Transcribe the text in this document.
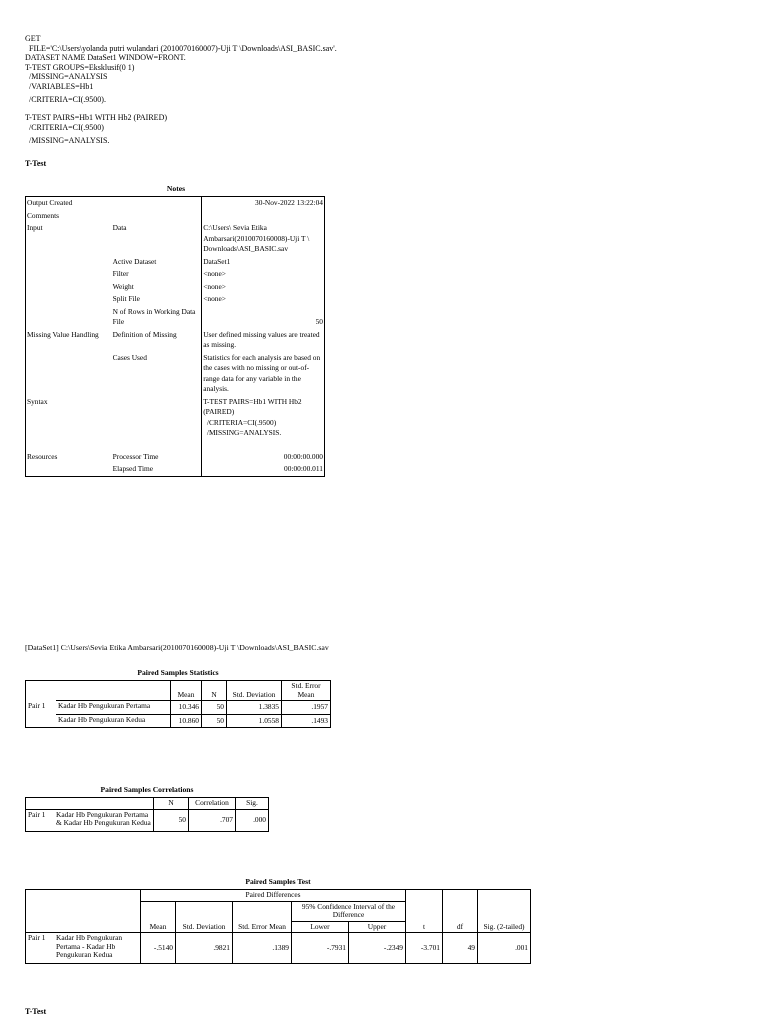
GET
FILE='C:\Users\yolanda putri wulandari (2010070160007)-Uji T \Downloads\ASI_BASIC.sav'.
DATASET NAME DataSet1 WINDOW=FRONT.
T-TEST GROUPS=Eksklusif(0 1)
/MISSING=ANALYSIS
/VARIABLES=Hb1
/CRITERIA=CI(.9500).
T-TEST PAIRS=Hb1 WITH Hb2 (PAIRED)
/CRITERIA=CI(.9500)
/MISSING=ANALYSIS.
T-Test
Notes
Output Created		30-Nov-2022 13:22:04
Comments		
Input	Data	C:\Users\ Sevia Etika Ambarsari(2010070160008)-Uji T \ Downloads\ASI_BASIC.sav
	Active Dataset	DataSet1
	Filter	<none>
	Weight	<none>
	Split File	<none>
	N of Rows in Working Data File	50
Missing Value Handling	Definition of Missing	User defined missing values are treated as missing.
	Cases Used	Statistics for each analysis are based on the cases with no missing or out-of-range data for any variable in the analysis.
Syntax		T-TEST PAIRS=Hb1 WITH Hb2 (PAIRED)
/CRITERIA=CI(.9500)
/MISSING=ANALYSIS.
Resources	Processor Time	00:00:00.000
	Elapsed Time	00:00:00.011
[DataSet1] C:\Users\Sevia Etika Ambarsari(2010070160008)-Uji T \Downloads\ASI_BASIC.sav
Paired Samples Statistics
		Mean	N	Std. Deviation	Std. Error Mean
Pair 1	Kadar Hb Pengukuran Pertama	10.346	50	1.3835	.1957
	Kadar Hb Pengukuran Kedua	10.860	50	1.0558	.1493
Paired Samples Correlations
		N	Correlation	Sig.
Pair 1	Kadar Hb Pengukuran Pertama & Kadar Hb Pengukuran Kedua	50	.707	.000
Paired Samples Test
		Paired Differences					t	df	Sig. (2-tailed)
		Mean	Std. Deviation	Std. Error Mean	95% Confidence Interval of the Difference				
					Lower	Upper			
Pair 1	Kadar Hb Pengukuran Pertama - Kadar Hb Pengukuran Kedua	-.5140	.9821	.1389	-.7931	-.2349	-3.701	49	.001
T-Test
